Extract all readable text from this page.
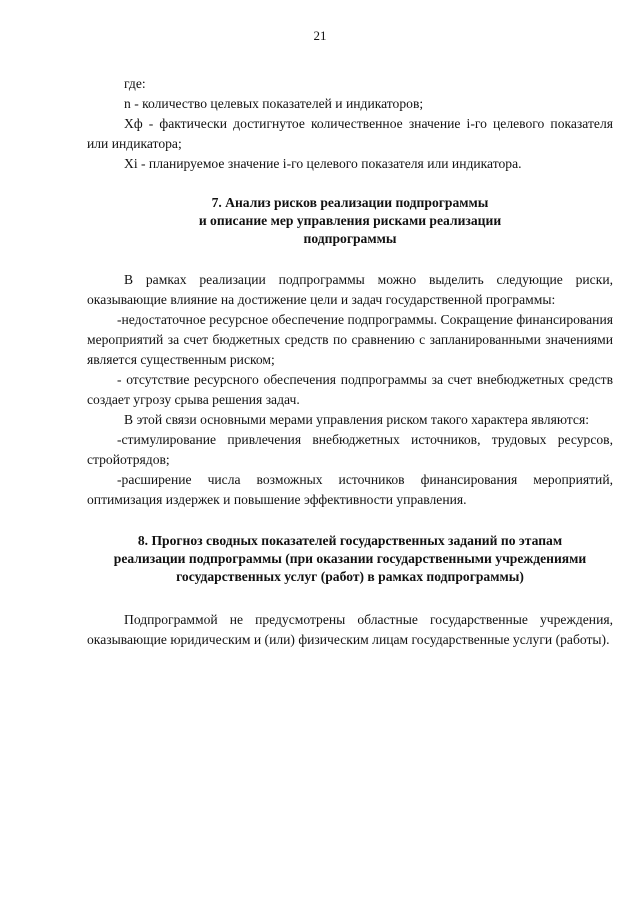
21

где:

n - количество целевых показателей и индикаторов;

Хф - фактически достигнутое количественное значение i-го целевого показателя или индикатора;

Xi - планируемое значение i-го целевого показателя или индикатора.

7. Анализ рисков реализации подпрограммы
и описание мер управления рисками реализации
подпрограммы

В рамках реализации подпрограммы можно выделить следующие риски, оказывающие влияние на достижение цели и задач государственной программы:

-недостаточное ресурсное обеспечение подпрограммы. Сокращение финансирования мероприятий за счет бюджетных средств по сравнению с запланированными значениями является существенным риском;

- отсутствие ресурсного обеспечения подпрограммы за счет внебюджетных средств создает угрозу срыва решения задач.

В этой связи основными мерами управления риском такого характера являются:

-стимулирование привлечения внебюджетных источников, трудовых ресурсов, стройотрядов;

-расширение числа возможных источников финансирования мероприятий, оптимизация издержек и повышение эффективности управления.

8. Прогноз сводных показателей государственных заданий по этапам
реализации подпрограммы (при оказании государственными учреждениями
государственных услуг (работ) в рамках подпрограммы)

Подпрограммой не предусмотрены областные государственные учреждения, оказывающие юридическим и (или) физическим лицам государственные услуги (работы).
